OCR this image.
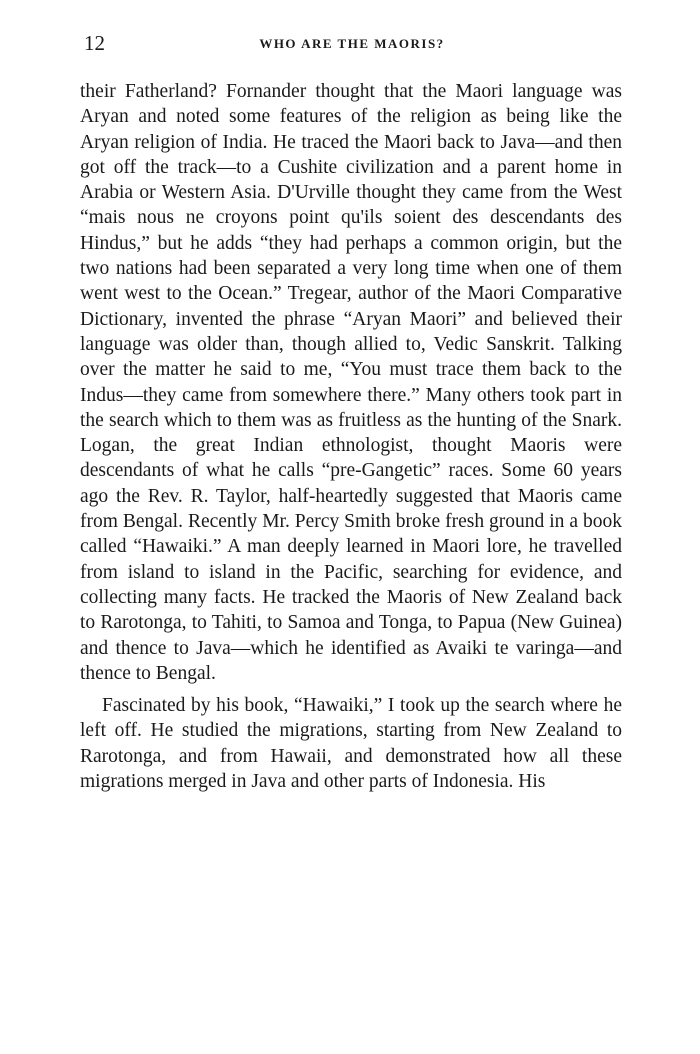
12	WHO ARE THE MAORIS?

their Fatherland? Fornander thought that the Maori language was Aryan and noted some features of the religion as being like the Aryan religion of India. He traced the Maori back to Java—and then got off the track—to a Cushite civilization and a parent home in Arabia or Western Asia. D'Urville thought they came from the West “mais nous ne croyons point qu'ils soient des descendants des Hindus,” but he adds “they had perhaps a common origin, but the two nations had been separated a very long time when one of them went west to the Ocean.” Tregear, author of the Maori Comparative Dictionary, invented the phrase “Aryan Maori” and believed their language was older than, though allied to, Vedic Sanskrit. Talking over the matter he said to me, “You must trace them back to the Indus—they came from somewhere there.” Many others took part in the search which to them was as fruitless as the hunting of the Snark. Logan, the great Indian ethnologist, thought Maoris were descendants of what he calls “pre-Gangetic” races. Some 60 years ago the Rev. R. Taylor, half-heartedly suggested that Maoris came from Bengal. Recently Mr. Percy Smith broke fresh ground in a book called “Hawaiki.” A man deeply learned in Maori lore, he travelled from island to island in the Pacific, searching for evidence, and collecting many facts. He tracked the Maoris of New Zealand back to Rarotonga, to Tahiti, to Samoa and Tonga, to Papua (New Guinea) and thence to Java—which he identified as Avaiki te varinga—and thence to Bengal.

Fascinated by his book, “Hawaiki,” I took up the search where he left off. He studied the migrations, starting from New Zealand to Rarotonga, and from Hawaii, and demonstrated how all these migrations merged in Java and other parts of Indonesia. His
